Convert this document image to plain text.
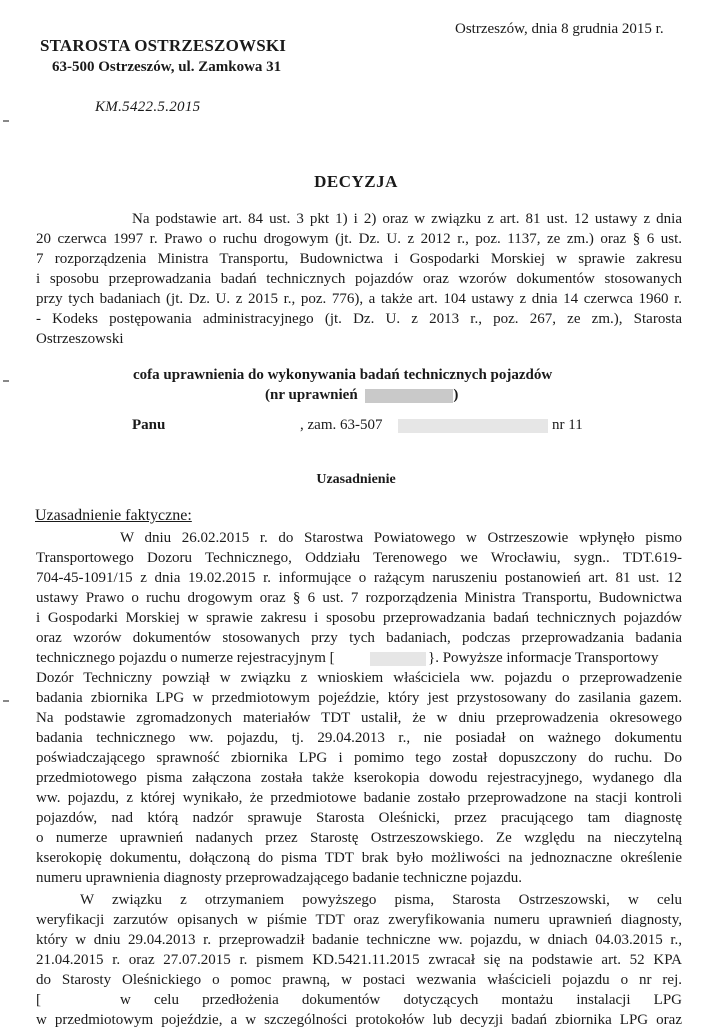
Ostrzeszów, dnia 8 grudnia 2015 r.
STAROSTA OSTRZESZOWSKI
63-500 Ostrzeszów, ul. Zamkowa 31
KM.5422.5.2015
DECYZJA
Na podstawie art. 84 ust. 3 pkt 1) i 2) oraz w związku z art. 81 ust. 12 ustawy z dnia
20 czerwca 1997 r. Prawo o ruchu drogowym (jt. Dz. U. z 2012 r., poz. 1137, ze zm.) oraz § 6 ust.
7 rozporządzenia Ministra Transportu, Budownictwa i Gospodarki Morskiej w sprawie zakresu
i sposobu przeprowadzania badań technicznych pojazdów oraz wzorów dokumentów stosowanych
przy tych badaniach (jt. Dz. U. z 2015 r., poz. 776), a także art. 104 ustawy z dnia 14 czerwca 1960 r.
- Kodeks postępowania administracyjnego (jt. Dz. U. z 2013 r., poz. 267, ze zm.), Starosta
Ostrzeszowski
cofa uprawnienia do wykonywania badań technicznych pojazdów
(nr uprawnień	)
Panu	, zam. 63-507	nr 11
Uzasadnienie
Uzasadnienie faktyczne:
W dniu 26.02.2015 r. do Starostwa Powiatowego w Ostrzeszowie wpłynęło pismo
Transportowego Dozoru Technicznego, Oddziału Terenowego we Wrocławiu, sygn.. TDT.619-
704-45-1091/15 z dnia 19.02.2015 r. informujące o rażącym naruszeniu postanowień art. 81 ust. 12
ustawy Prawo o ruchu drogowym oraz § 6 ust. 7 rozporządzenia Ministra Transportu, Budownictwa
i Gospodarki Morskiej w sprawie zakresu i sposobu przeprowadzania badań technicznych pojazdów
oraz wzorów dokumentów stosowanych przy tych badaniach, podczas przeprowadzania badania
technicznego pojazdu o numerze rejestracyjnym [	}. Powyższe informacje Transportowy
Dozór Techniczny powziął w związku z wnioskiem właściciela ww. pojazdu o przeprowadzenie
badania zbiornika LPG w przedmiotowym pojeździe, który jest przystosowany do zasilania gazem.
Na podstawie zgromadzonych materiałów TDT ustalił, że w dniu przeprowadzenia okresowego
badania technicznego ww. pojazdu, tj. 29.04.2013 r., nie posiadał on ważnego dokumentu
poświadczającego sprawność zbiornika LPG i pomimo tego został dopuszczony do ruchu. Do
przedmiotowego pisma załączona została także kserokopia dowodu rejestracyjnego, wydanego dla
ww. pojazdu, z której wynikało, że przedmiotowe badanie zostało przeprowadzone na stacji kontroli
pojazdów, nad którą nadzór sprawuje Starosta Oleśnicki, przez pracującego tam diagnostę
o numerze uprawnień nadanych przez Starostę Ostrzeszowskiego. Ze względu na nieczytelną
kserokopię dokumentu, dołączoną do pisma TDT brak było możliwości na jednoznaczne określenie
numeru uprawnienia diagnosty przeprowadzającego badanie techniczne pojazdu.
W związku z otrzymaniem powyższego pisma, Starosta Ostrzeszowski, w celu
weryfikacji zarzutów opisanych w piśmie TDT oraz zweryfikowania numeru uprawnień diagnosty,
który w dniu 29.04.2013 r. przeprowadził badanie techniczne ww. pojazdu, w dniach 04.03.2015 r.,
21.04.2015 r. oraz 27.07.2015 r. pismem KD.5421.11.2015 zwracał się na podstawie art. 52 KPA
do Starosty Oleśnickiego o pomoc prawną, w postaci wezwania właścicieli pojazdu o nr rej.
[	w celu przedłożenia dokumentów dotyczących montażu instalacji LPG
w przedmiotowym pojeździe, a w szczególności protokołów lub decyzji badań zbiornika LPG oraz
